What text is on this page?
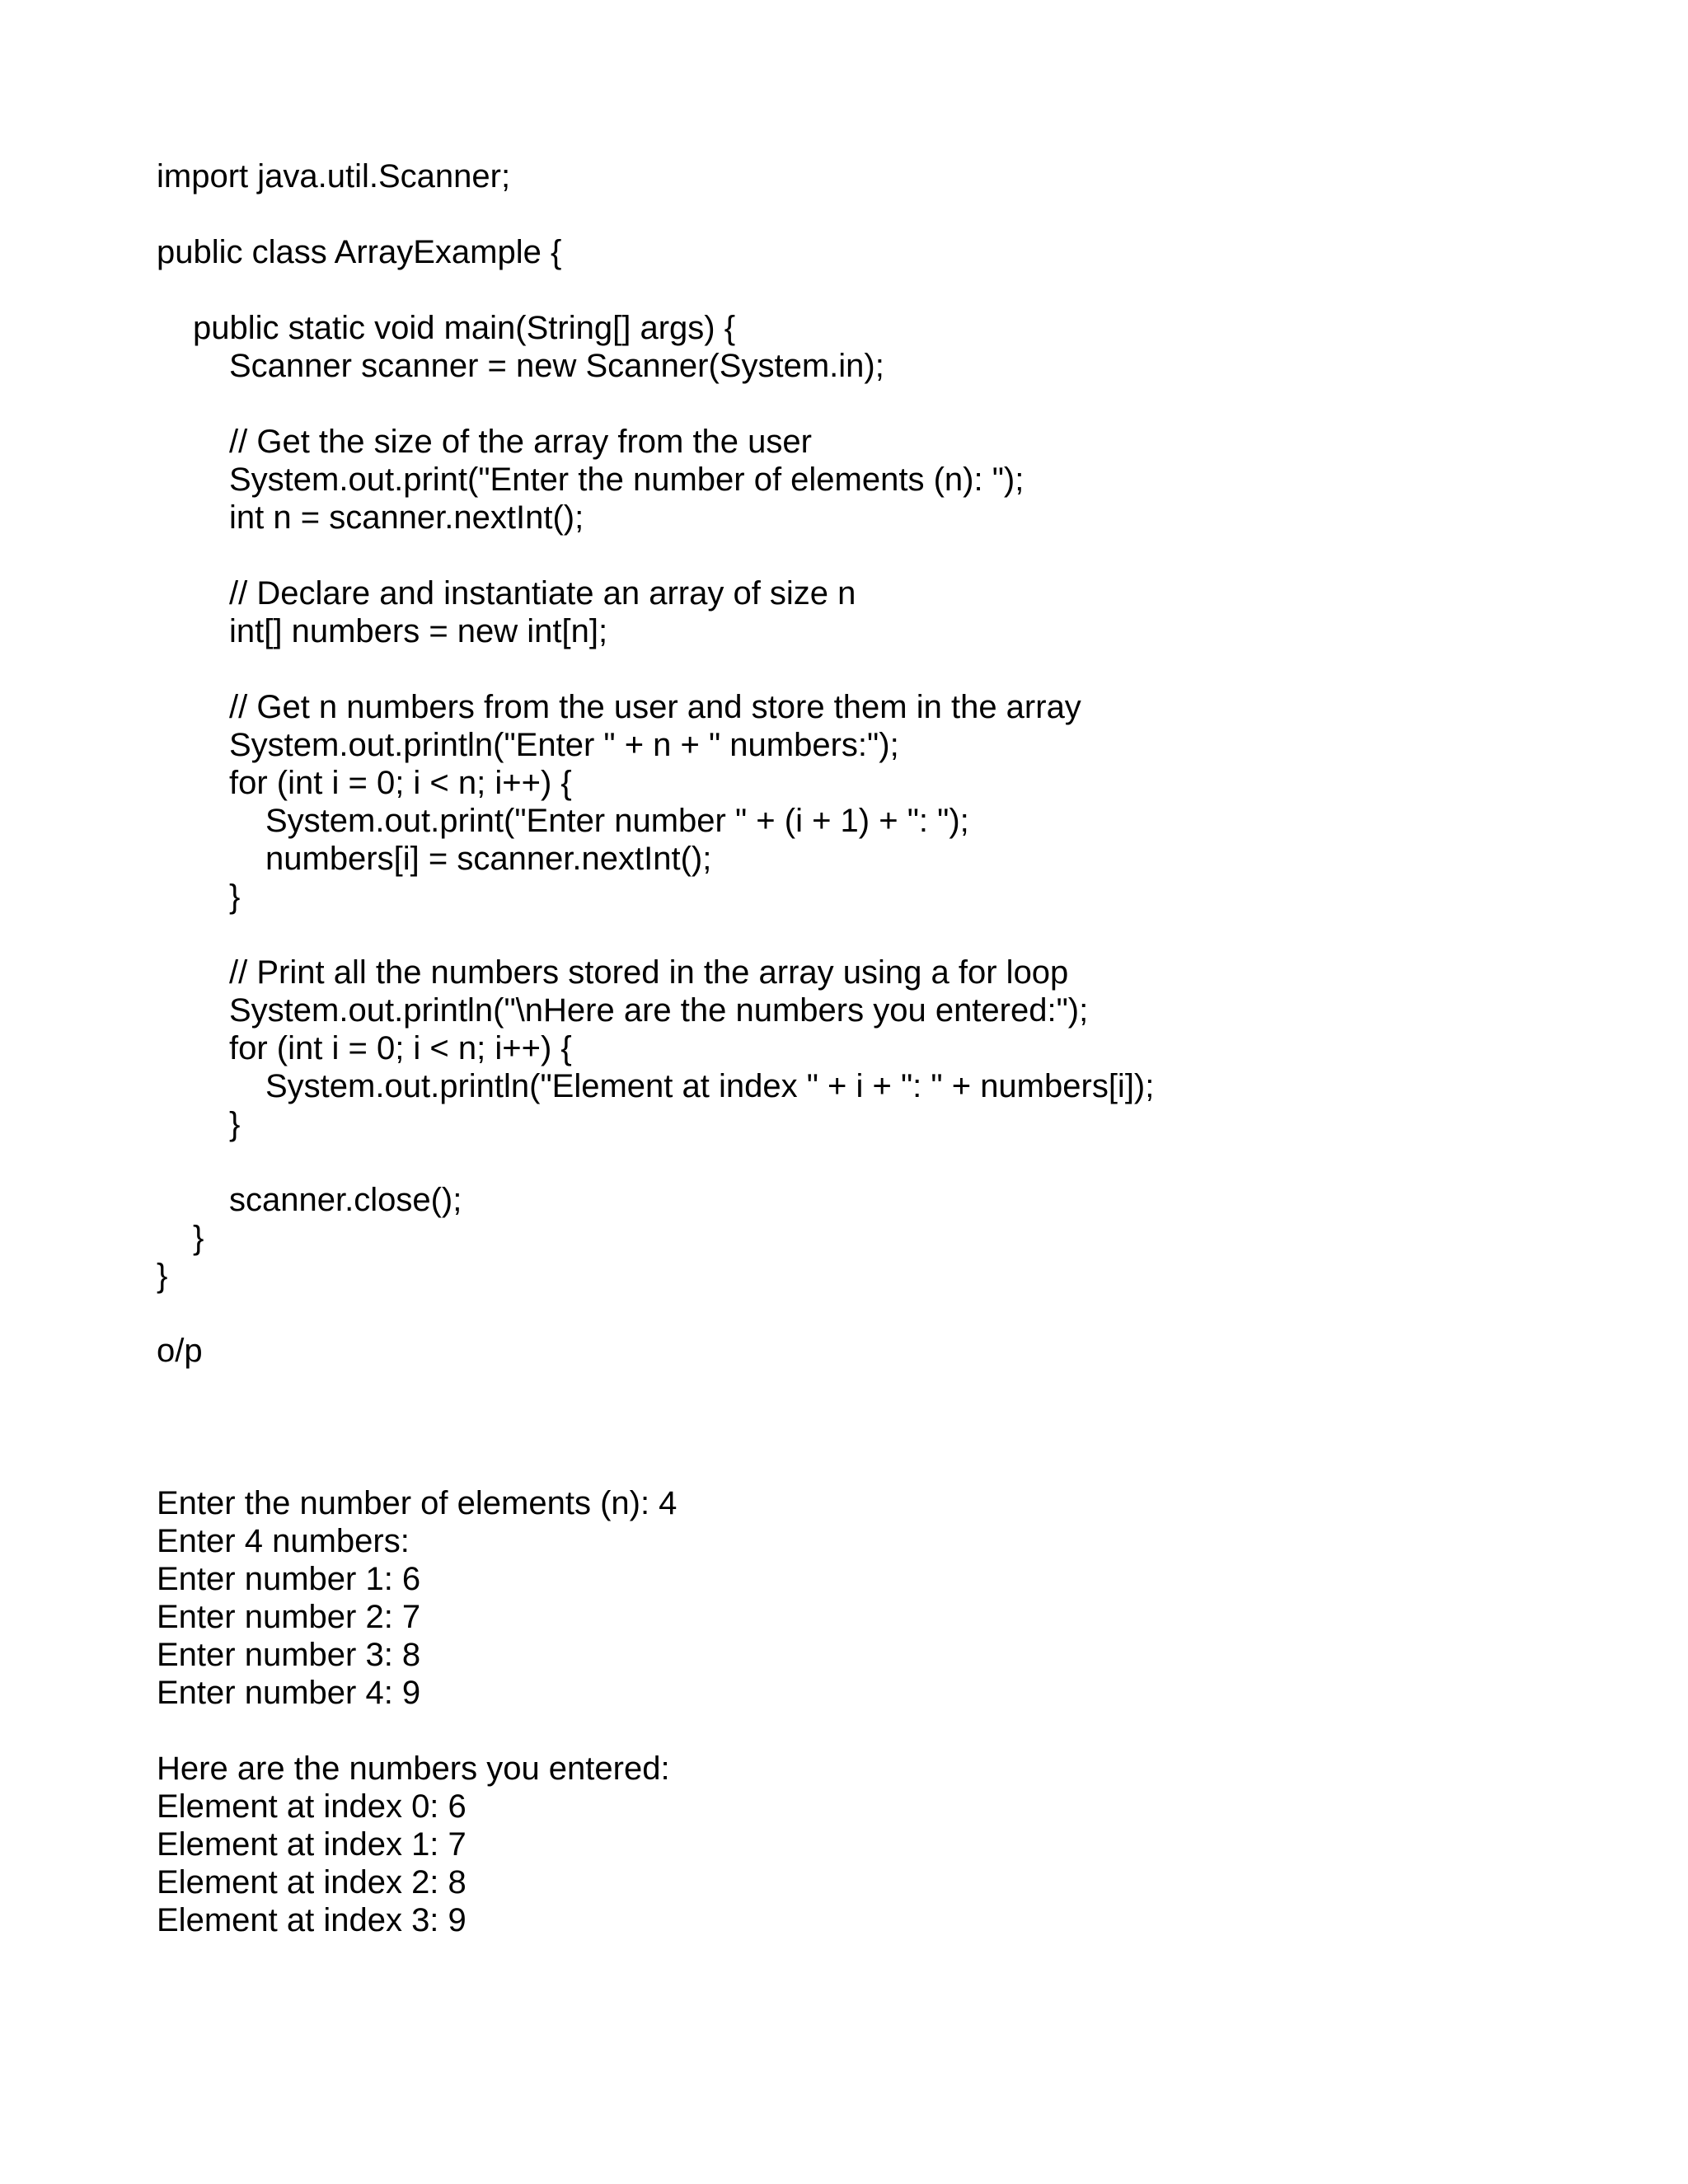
import java.util.Scanner;
public class ArrayExample {
public static void main(String[] args) {
Scanner scanner = new Scanner(System.in);
// Get the size of the array from the user
System.out.print("Enter the number of elements (n): ");
int n = scanner.nextInt();
// Declare and instantiate an array of size n
int[] numbers = new int[n];
// Get n numbers from the user and store them in the array
System.out.println("Enter " + n + " numbers:");
for (int i = 0; i < n; i++) {
System.out.print("Enter number " + (i + 1) + ": ");
numbers[i] = scanner.nextInt();
}
// Print all the numbers stored in the array using a for loop
System.out.println("\nHere are the numbers you entered:");
for (int i = 0; i < n; i++) {
System.out.println("Element at index " + i + ": " + numbers[i]);
}
scanner.close();
}
}
o/p
Enter the number of elements (n): 4
Enter 4 numbers:
Enter number 1: 6
Enter number 2: 7
Enter number 3: 8
Enter number 4: 9
Here are the numbers you entered:
Element at index 0: 6
Element at index 1: 7
Element at index 2: 8
Element at index 3: 9
